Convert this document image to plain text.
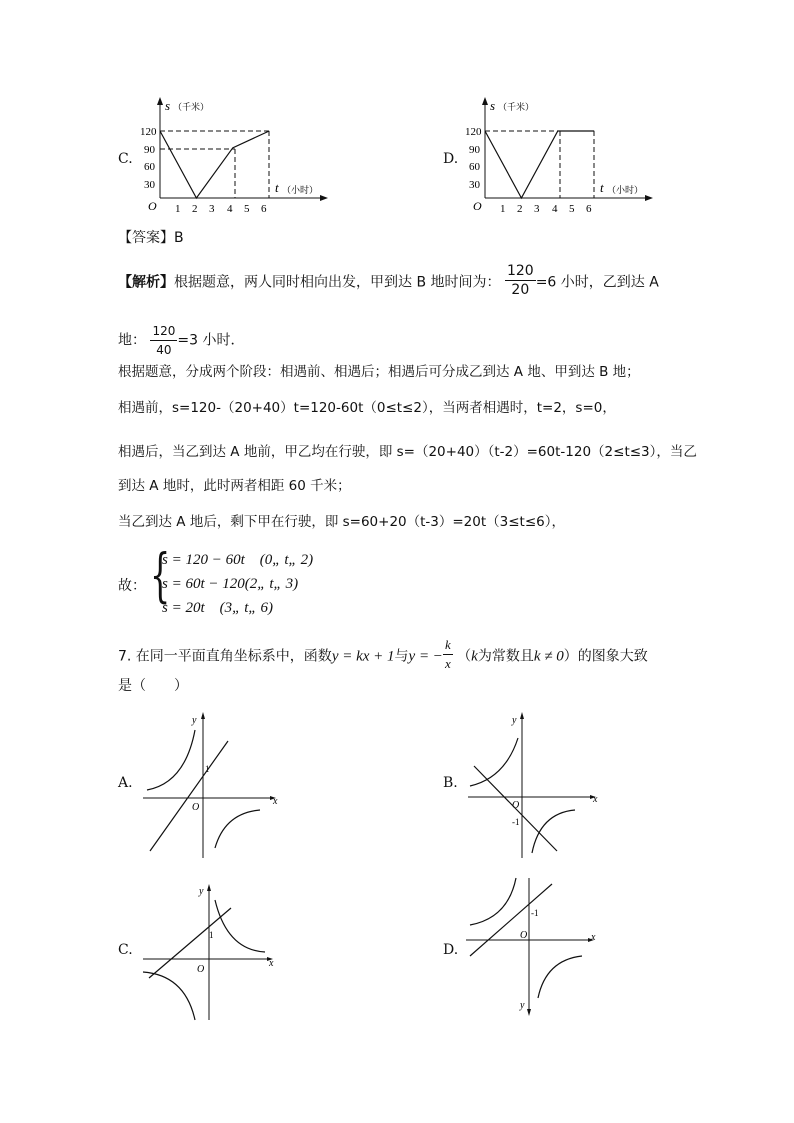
C.
s （千米）
t （小时）
O
120
90
60
30
1 2 3 4 5 6
D.
s （千米）
t （小时）
O
120
90
60
30
1 2 3 4 5 6
【答案】B
【解析】根据题意，两人同时相向出发，甲到达 B 地时间为： $\frac{120}{20} =6$ 小时，乙到达 A
地： $\frac{120}{40} =3$ 小时．
根据题意，分成两个阶段：相遇前、相遇后；相遇后可分成乙到达 A 地、甲到达 B 地；
相遇前，s=120-（20+40）t=120-60t（0≤t≤2），当两者相遇时，t=2，s=0，
相遇后，当乙到达 A 地前，甲乙均在行驶，即 s=（20+40）（t-2）=60t-120（2≤t≤3），当乙
到达 A 地时，此时两者相距 60 千米；
当乙到达 A 地后，剩下甲在行驶，即 s=60+20（t-3）=20t（3≤t≤6），
故： {
s = 120 − 60t　(0„ t„ 2)
s = 60t − 120(2„ t„ 3)
s = 20t　(3„ t„ 6)
7. 在同一平面直角坐标系中，函数y = kx + 1与y = − $\frac{k}{x} (k$为常数且k ≠ 0）的图象大致
是（　　）
A.
x
y
O
1
B.
x
y
O
-1
C.
x
y
O
1
D.
x
y
O
-1
